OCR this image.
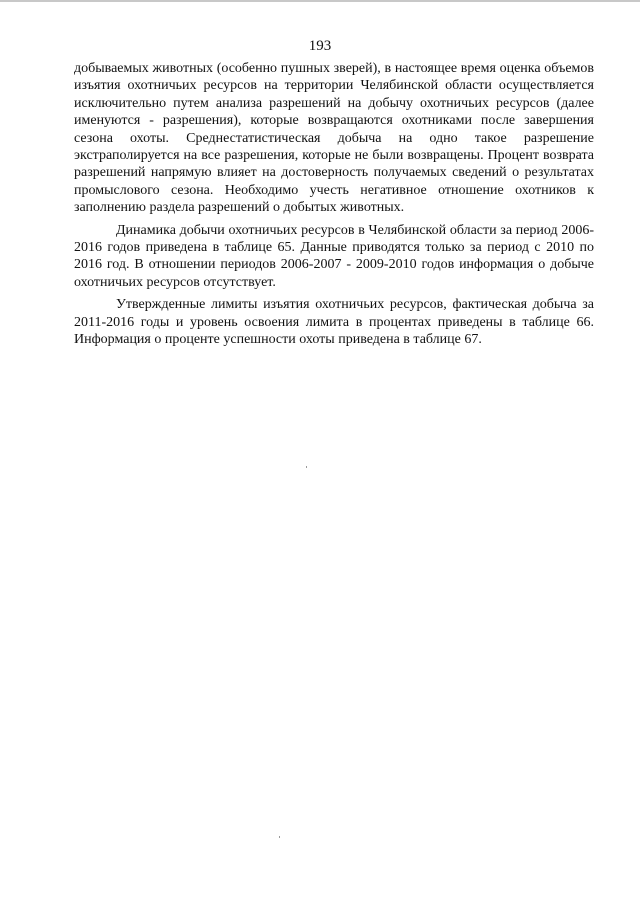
193

добываемых животных (особенно пушных зверей), в настоящее время оценка объемов изъятия охотничьих ресурсов на территории Челябинской области осуществляется исключительно путем анализа разрешений на добычу охотничьих ресурсов (далее именуются - разрешения), которые возвращаются охотниками после завершения сезона охоты. Среднестатистическая добыча на одно такое разрешение экстраполируется на все разрешения, которые не были возвращены. Процент возврата разрешений напрямую влияет на достоверность получаемых сведений о результатах промыслового сезона. Необходимо учесть негативное отношение охотников к заполнению раздела разрешений о добытых животных.

Динамика добычи охотничьих ресурсов в Челябинской области за период 2006-2016 годов приведена в таблице 65. Данные приводятся только за период с 2010 по 2016 год. В отношении периодов 2006-2007 - 2009-2010 годов информация о добыче охотничьих ресурсов отсутствует.

Утвержденные лимиты изъятия охотничьих ресурсов, фактическая добыча за 2011-2016 годы и уровень освоения лимита в процентах приведены в таблице 66. Информация о проценте успешности охоты приведена в таблице 67.
